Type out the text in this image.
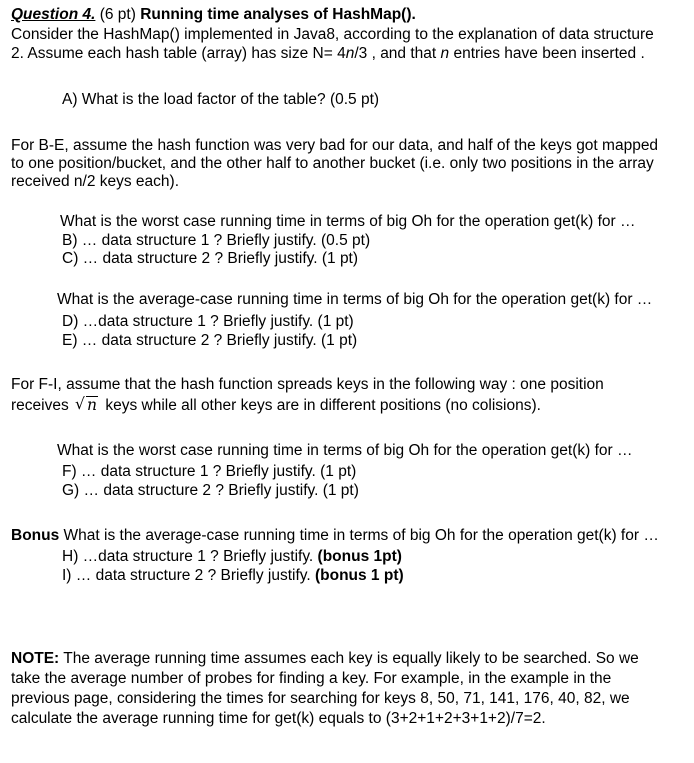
Question 4. (6 pt) Running time analyses of HashMap().
Consider the HashMap() implemented in Java8, according to the explanation of data structure
2. Assume each hash table (array) has size N= 4n/3 , and that n entries have been inserted .
A) What is the load factor of the table? (0.5 pt)
For B-E, assume the hash function was very bad for our data, and half of the keys got mapped
to one position/bucket, and the other half to another bucket (i.e. only two positions in the array
received n/2 keys each).
What is the worst case running time in terms of big Oh for the operation get(k) for …
B) … data structure 1 ? Briefly justify. (0.5 pt)
C) … data structure 2 ? Briefly justify. (1 pt)
What is the average-case running time in terms of big Oh for the operation get(k) for …
D) …data structure 1 ? Briefly justify. (1 pt)
E) … data structure 2 ? Briefly justify. (1 pt)
For F-I, assume that the hash function spreads keys in the following way : one position
receives √ n keys while all other keys are in different positions (no colisions).
What is the worst case running time in terms of big Oh for the operation get(k) for …
F) … data structure 1 ? Briefly justify. (1 pt)
G) … data structure 2 ? Briefly justify. (1 pt)
Bonus What is the average-case running time in terms of big Oh for the operation get(k) for …
H) …data structure 1 ? Briefly justify. (bonus 1pt)
I) … data structure 2 ? Briefly justify. (bonus 1 pt)
NOTE: The average running time assumes each key is equally likely to be searched. So we
take the average number of probes for finding a key. For example, in the example in the
previous page, considering the times for searching for keys 8, 50, 71, 141, 176, 40, 82, we
calculate the average running time for get(k) equals to (3+2+1+2+3+1+2)/7=2.
